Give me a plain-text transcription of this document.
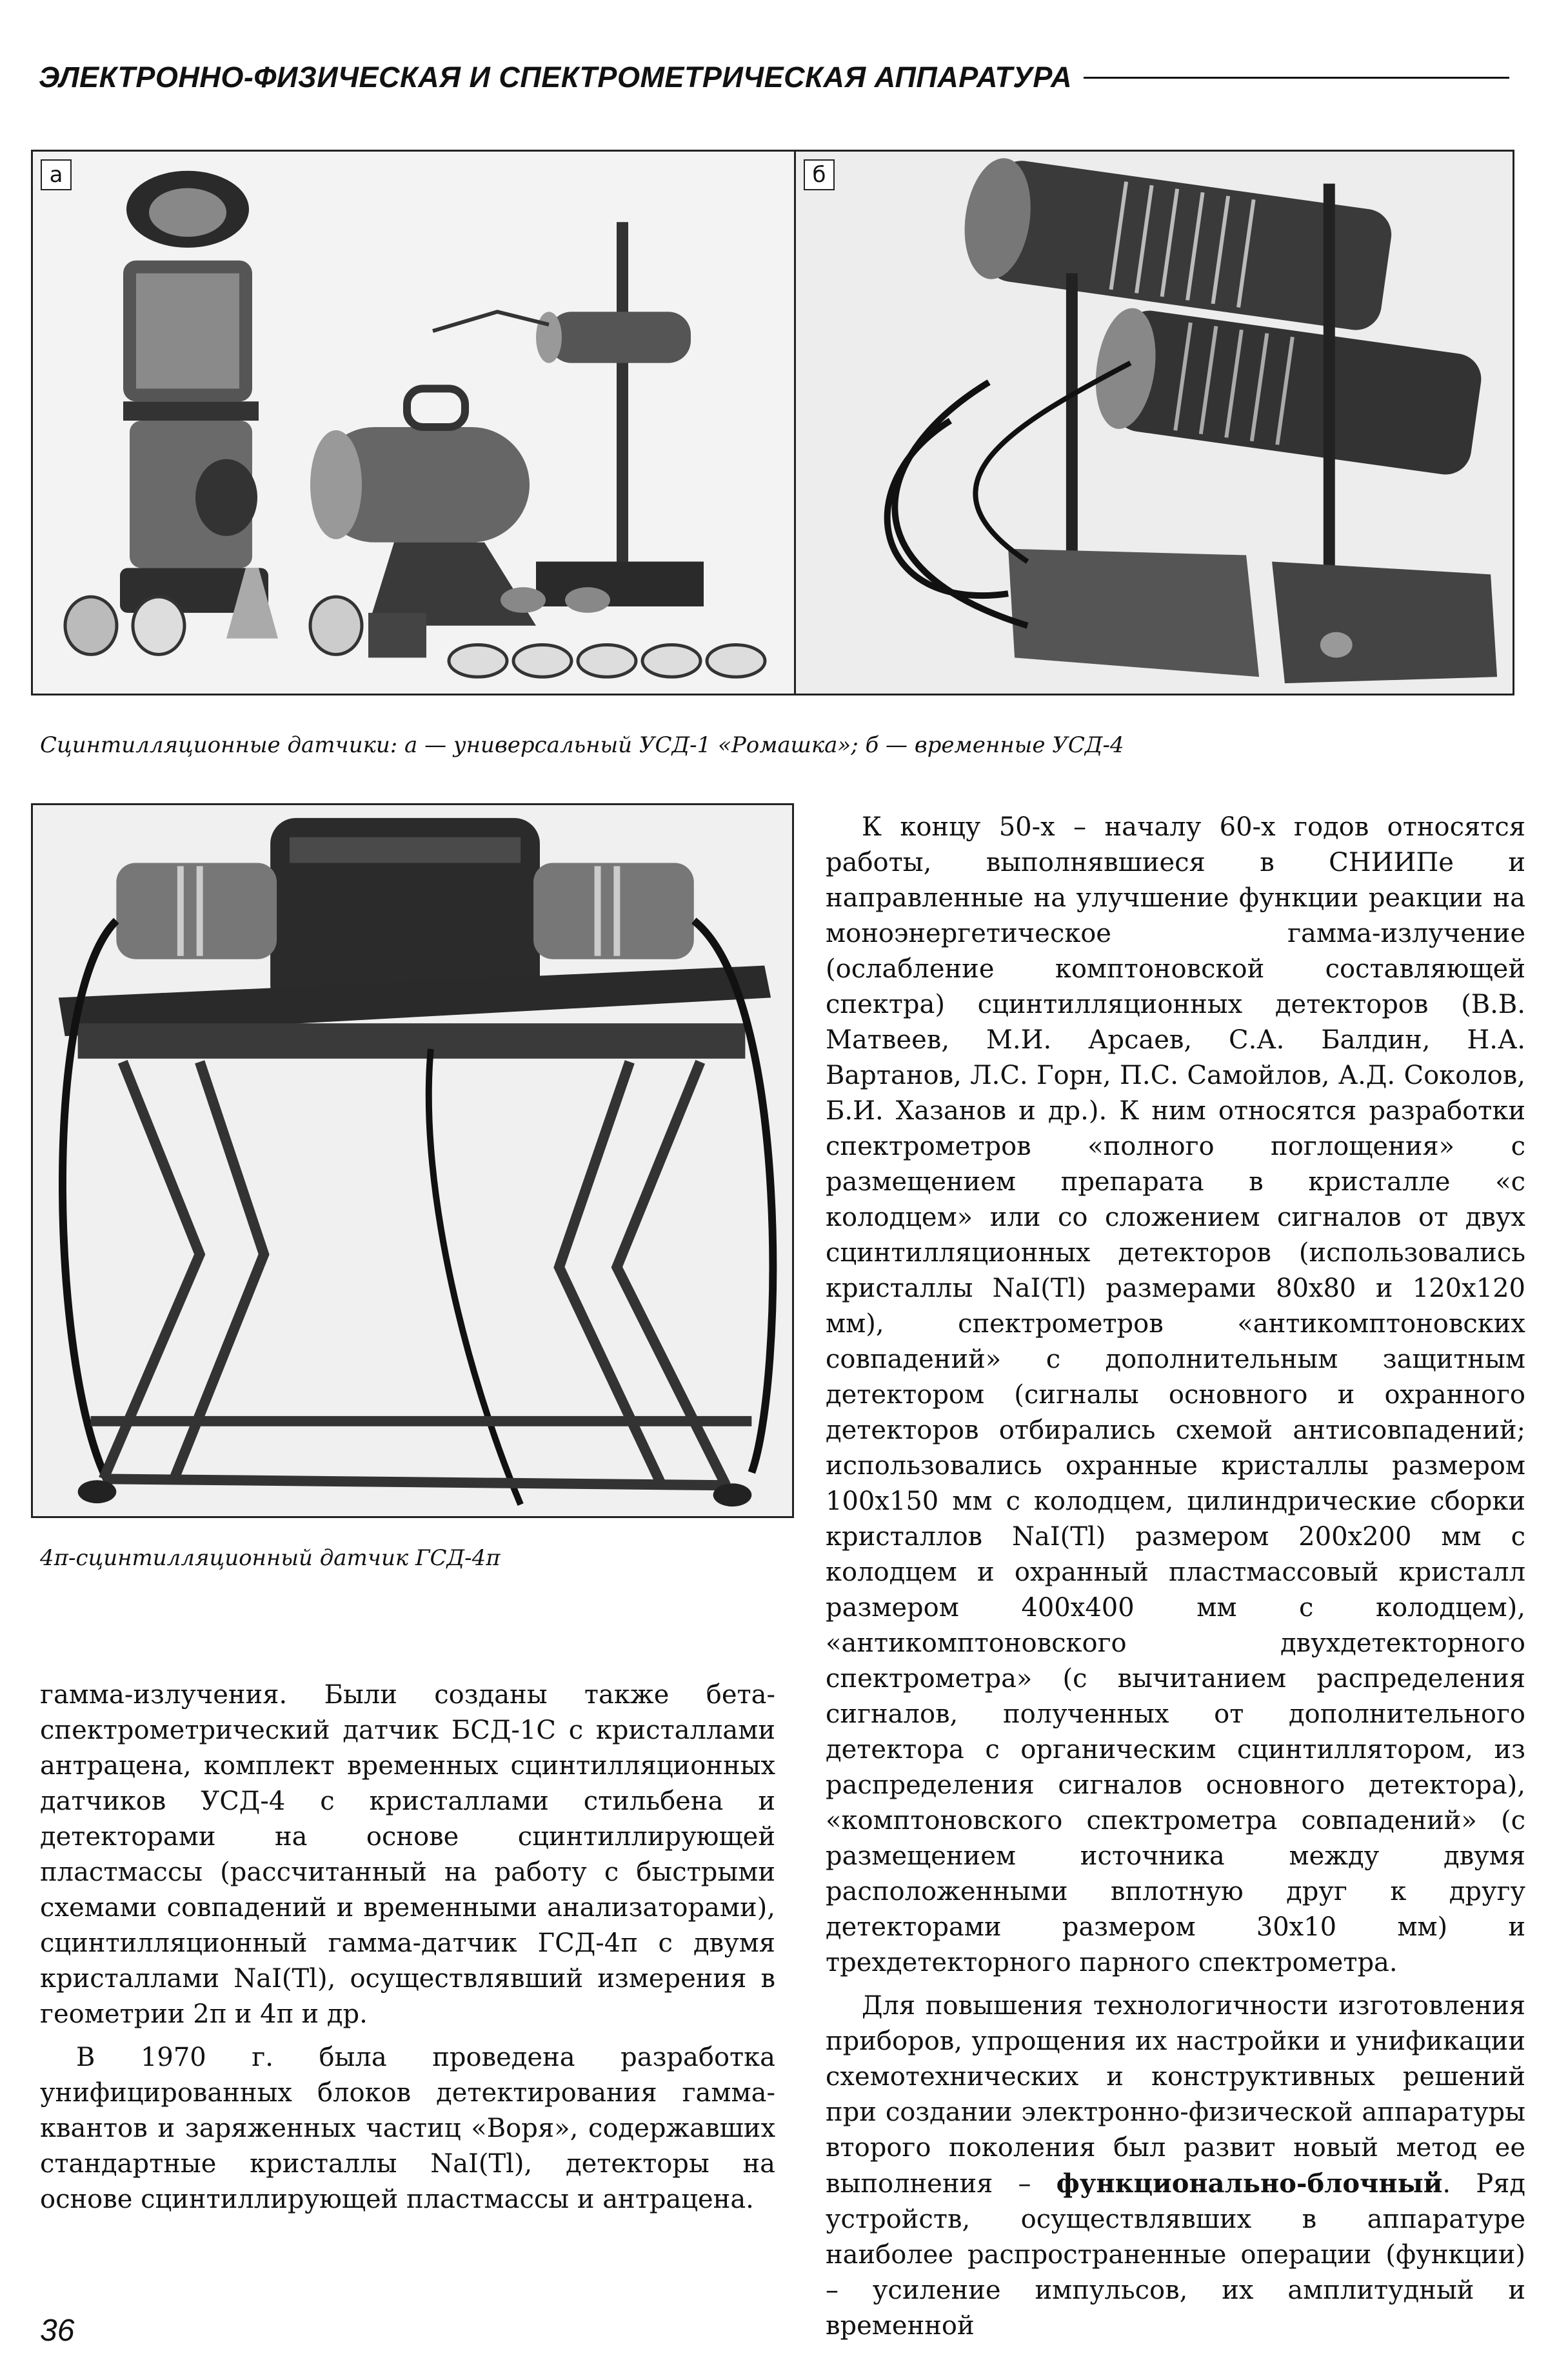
ЭЛЕКТРОННО-ФИЗИЧЕСКАЯ И СПЕКТРОМЕТРИЧЕСКАЯ АППАРАТУРА
а	б
Сцинтилляционные датчики: а — универсальный УСД-1 «Ромашка»; б — временные УСД-4
4π-сцинтилляционный датчик ГСД-4π

К концу 50-х – началу 60-х годов относятся работы, выполнявшиеся в СНИИПе и направленные на улучшение функции реакции на моноэнергетическое гамма-излучение (ослабление комптоновской составляющей спектра) сцинтилляционных детекторов (В.В. Матвеев, М.И. Арсаев, С.А. Балдин, Н.А. Вартанов, Л.С. Горн, П.С. Самойлов, А.Д. Соколов, Б.И. Хазанов и др.). К ним относятся разработки спектрометров «полного поглощения» с размещением препарата в кристалле «с колодцем» или со сложением сигналов от двух сцинтилляционных детекторов (использовались кристаллы NaI(Tl) размерами 80х80 и 120х120 мм), спектрометров «антикомптоновских совпадений» с дополнительным защитным детектором (сигналы основного и охранного детекторов отбирались схемой антисовпадений; использовались охранные кристаллы размером 100х150 мм с колодцем, цилиндрические сборки кристаллов NaI(Tl) размером 200х200 мм с колодцем и охранный пластмассовый кристалл размером 400х400 мм с колодцем), «антикомптоновского двухдетекторного спектрометра» (с вычитанием распределения сигналов, полученных от дополнительного детектора с органическим сцинтиллятором, из распределения сигналов основного детектора), «комптоновского спектрометра совпадений» (с размещением источника между двумя расположенными вплотную друг к другу детекторами размером 30х10 мм) и трехдетекторного парного спектрометра.

Для повышения технологичности изготовления приборов, упрощения их настройки и унификации схемотехнических и конструктивных решений при создании электронно-физической аппаратуры второго поколения был развит новый метод ее выполнения – функционально-блочный. Ряд устройств, осуществлявших в аппаратуре наиболее распространенные операции (функции) – усиление импульсов, их амплитудный и временной

гамма-излучения. Были созданы также бета-спектрометрический датчик БСД-1С с кристаллами антрацена, комплект временных сцинтилляционных датчиков УСД-4 с кристаллами стильбена и детекторами на основе сцинтиллирующей пластмассы (рассчитанный на работу с быстрыми схемами совпадений и временными анализаторами), сцинтилляционный гамма-датчик ГСД-4π с двумя кристаллами NaI(Tl), осуществлявший измерения в геометрии 2π и 4π и др.

В 1970 г. была проведена разработка унифицированных блоков детектирования гамма-квантов и заряженных частиц «Воря», содержавших стандартные кристаллы NaI(Tl), детекторы на основе сцинтиллирующей пластмассы и антрацена.

36
